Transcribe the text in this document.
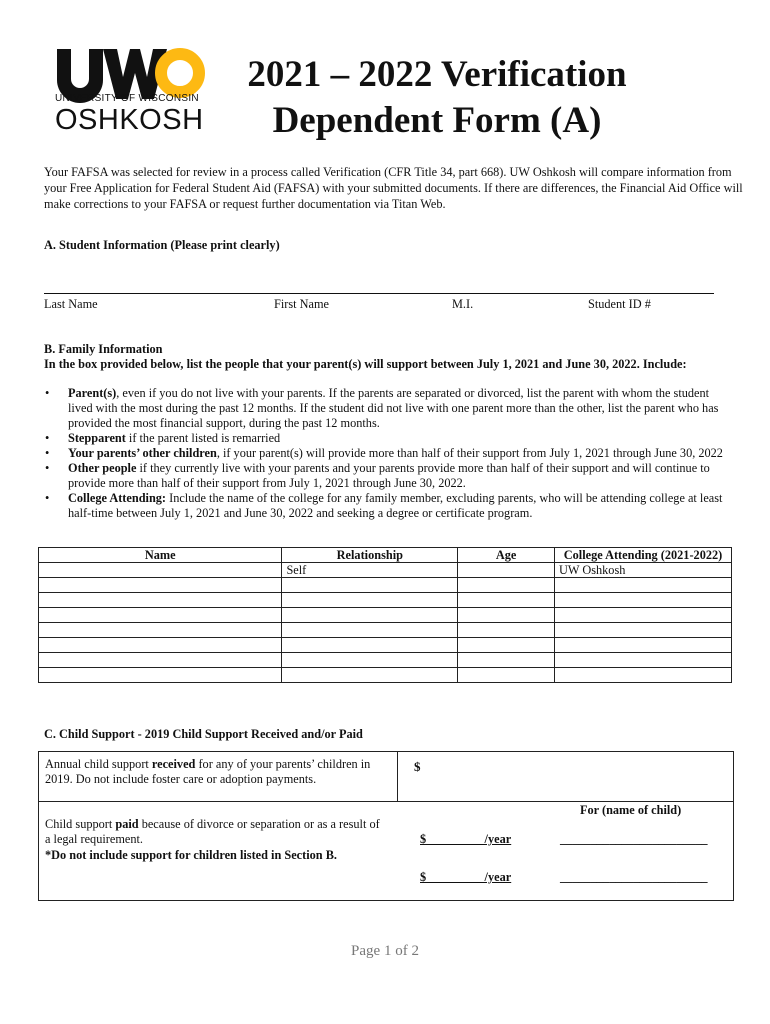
UNIVERSITY OF WISCONSIN
OSHKOSH
2021 – 2022 Verification
Dependent Form (A)
Your FAFSA was selected for review in a process called Verification (CFR Title 34, part 668). UW Oshkosh will compare information from your Free Application for Federal Student Aid (FAFSA) with your submitted documents. If there are differences, the Financial Aid Office will make corrections to your FAFSA or request further documentation via Titan Web.
A. Student Information (Please print clearly)
Last Name	First Name	M.I.	Student ID #
B. Family Information
In the box provided below, list the people that your parent(s) will support between July 1, 2021 and June 30, 2022. Include:
• Parent(s), even if you do not live with your parents. If the parents are separated or divorced, list the parent with whom the student lived with the most during the past 12 months. If the student did not live with one parent more than the other, list the parent who has provided the most financial support, during the past 12 months.
• Stepparent if the parent listed is remarried
• Your parents’ other children, if your parent(s) will provide more than half of their support from July 1, 2021 through June 30, 2022
• Other people if they currently live with your parents and your parents provide more than half of their support and will continue to provide more than half of their support from July 1, 2021 through June 30, 2022.
• College Attending: Include the name of the college for any family member, excluding parents, who will be attending college at least half-time between July 1, 2021 and June 30, 2022 and seeking a degree or certificate program.
Name	Relationship	Age	College Attending (2021-2022)
	Self		UW Oshkosh

C. Child Support - 2019 Child Support Received and/or Paid
Annual child support received for any of your parents’ children in 2019. Do not include foster care or adoption payments.
$
For (name of child)
Child support paid because of divorce or separation or as a result of a legal requirement.
*Do not include support for children listed in Section B.
$                   /year	________________________
$                   /year	________________________
Page 1 of 2
